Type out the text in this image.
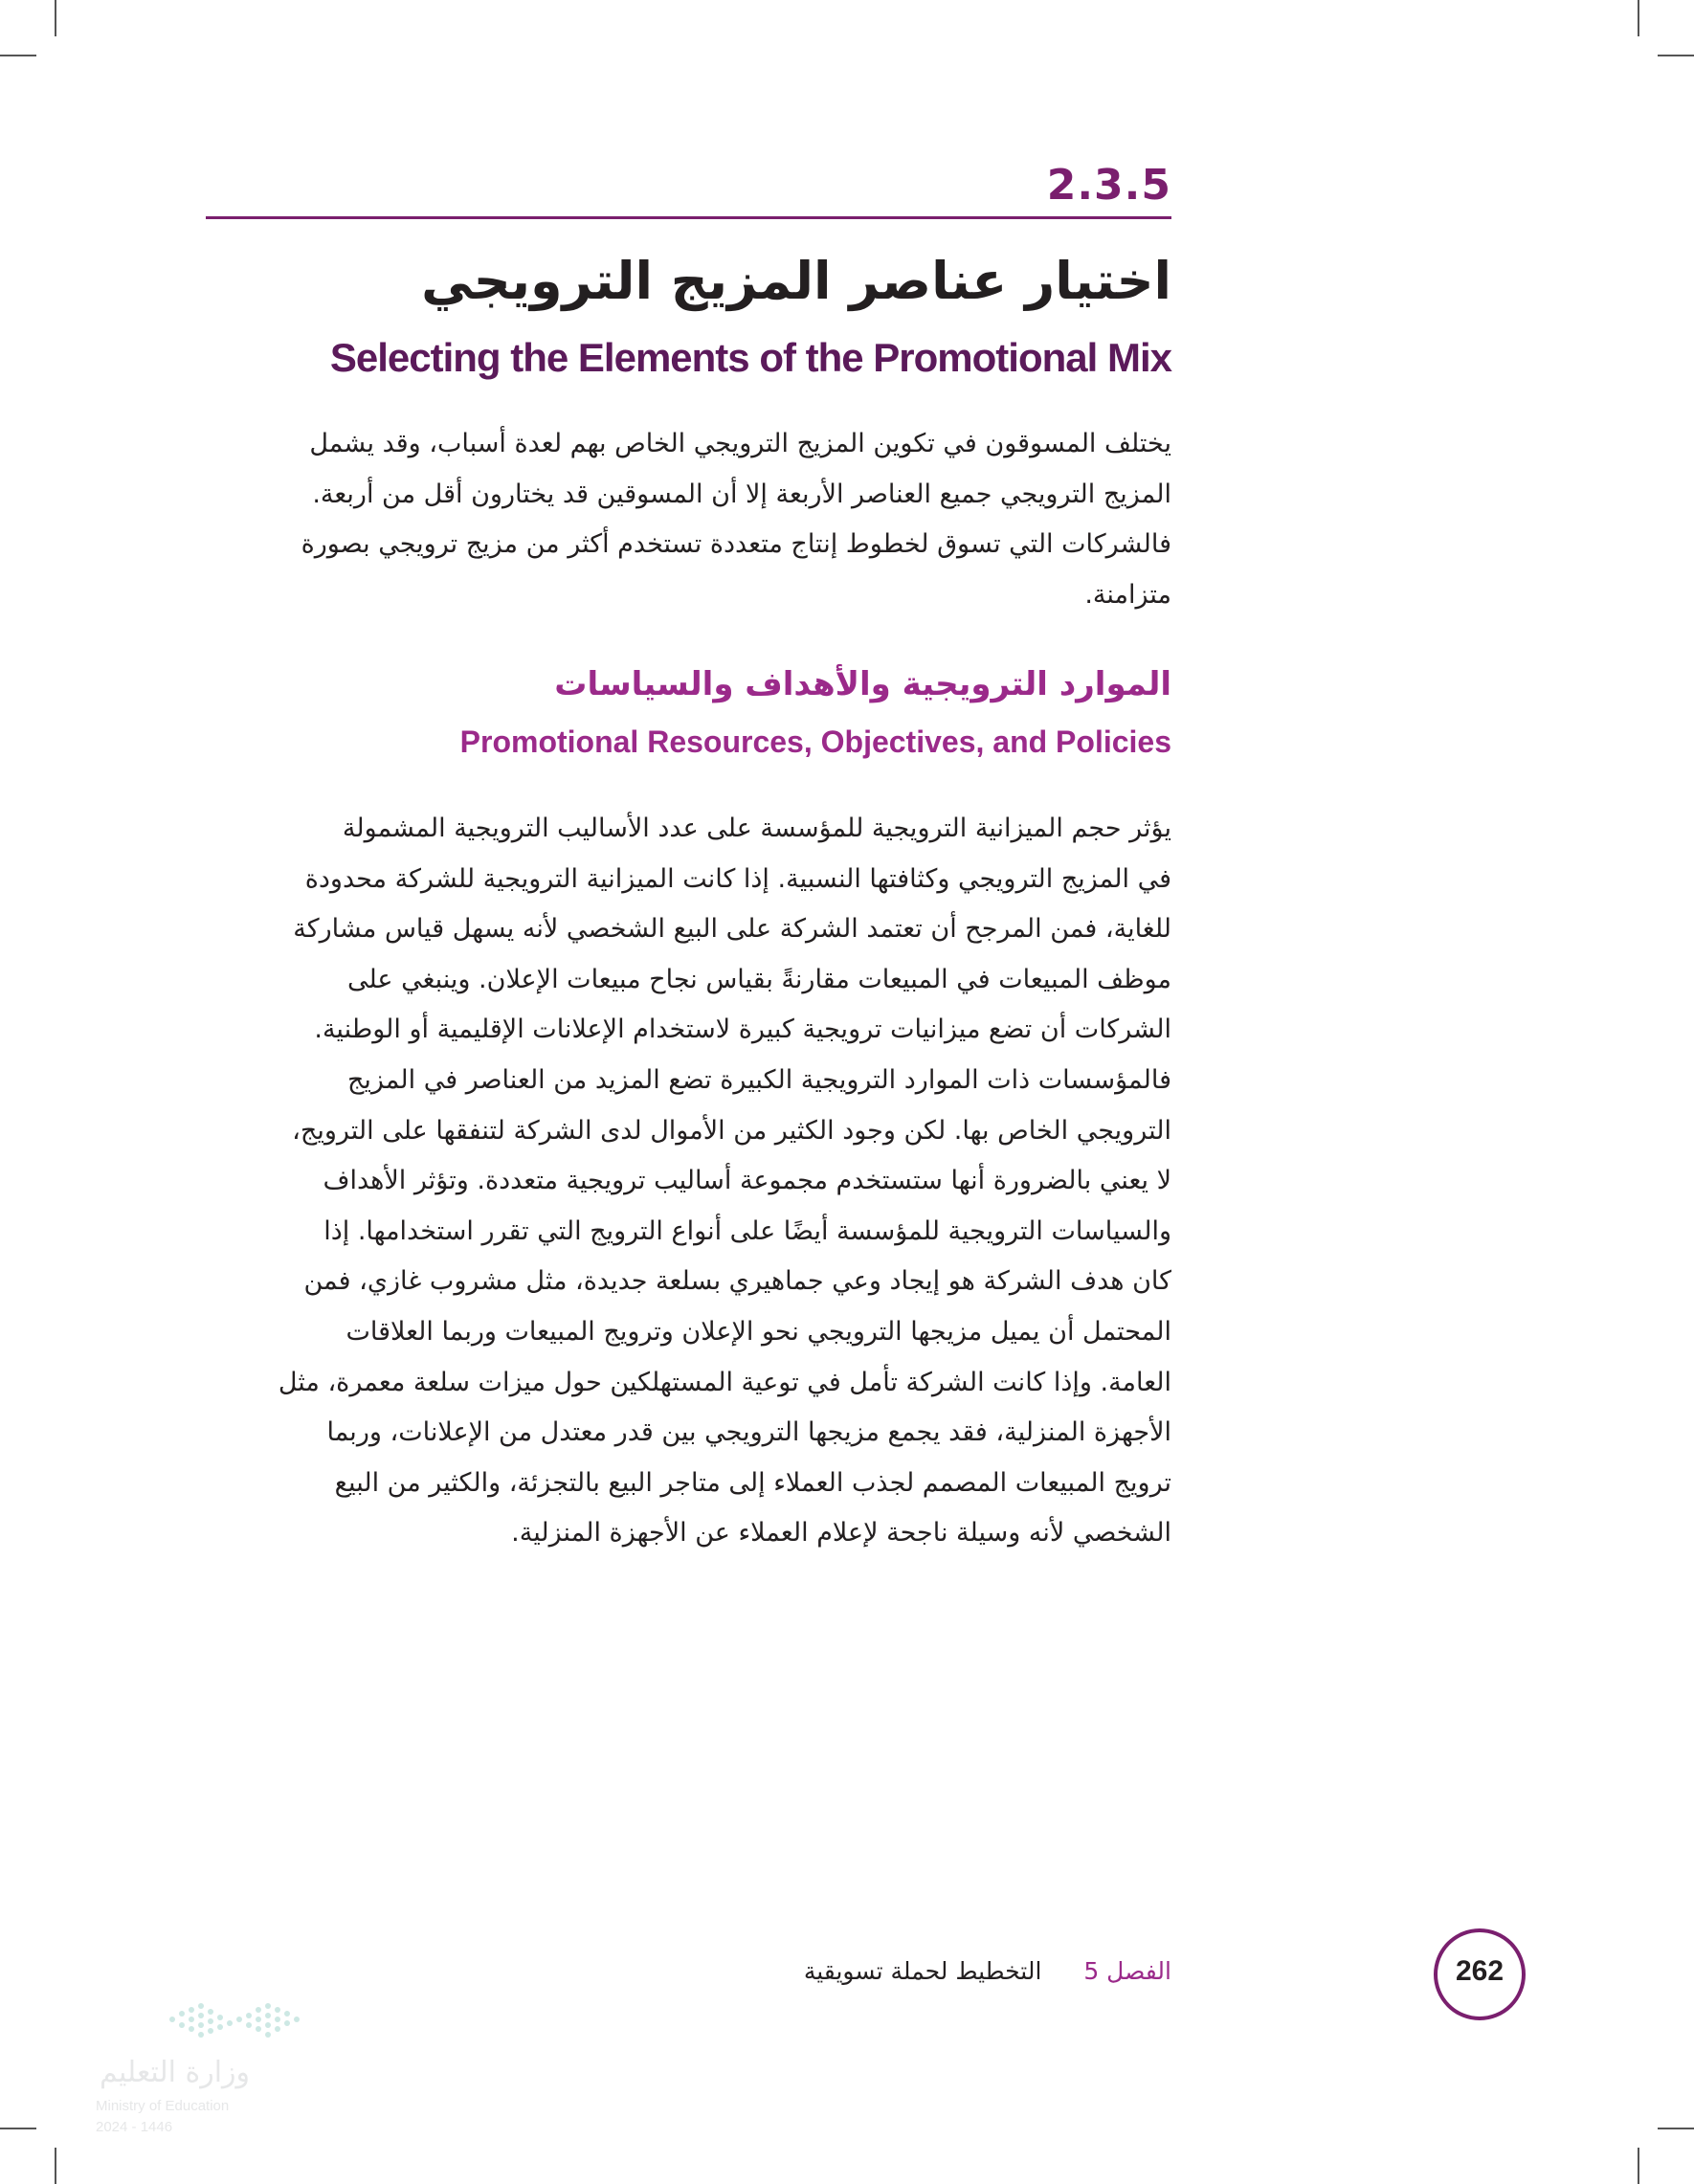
2.3.5
اختيار عناصر المزيج الترويجي
Selecting the Elements of the Promotional Mix
يختلف المسوقون في تكوين المزيج الترويجي الخاص بهم لعدة أسباب، وقد يشمل
المزيج الترويجي جميع العناصر الأربعة إلا أن المسوقين قد يختارون أقل من أربعة.
فالشركات التي تسوق لخطوط إنتاج متعددة تستخدم أكثر من مزيج ترويجي بصورة
متزامنة.
الموارد الترويجية والأهداف والسياسات
Promotional Resources, Objectives, and Policies
يؤثر حجم الميزانية الترويجية للمؤسسة على عدد الأساليب الترويجية المشمولة
في المزيج الترويجي وكثافتها النسبية. إذا كانت الميزانية الترويجية للشركة محدودة
للغاية، فمن المرجح أن تعتمد الشركة على البيع الشخصي لأنه يسهل قياس مشاركة
موظف المبيعات في المبيعات مقارنةً بقياس نجاح مبيعات الإعلان. وينبغي على
الشركات أن تضع ميزانيات ترويجية كبيرة لاستخدام الإعلانات الإقليمية أو الوطنية.
فالمؤسسات ذات الموارد الترويجية الكبيرة تضع المزيد من العناصر في المزيج
الترويجي الخاص بها. لكن وجود الكثير من الأموال لدى الشركة لتنفقها على الترويج،
لا يعني بالضرورة أنها ستستخدم مجموعة أساليب ترويجية متعددة. وتؤثر الأهداف
والسياسات الترويجية للمؤسسة أيضًا على أنواع الترويج التي تقرر استخدامها. إذا
كان هدف الشركة هو إيجاد وعي جماهيري بسلعة جديدة، مثل مشروب غازي، فمن
المحتمل أن يميل مزيجها الترويجي نحو الإعلان وترويج المبيعات وربما العلاقات
العامة. وإذا كانت الشركة تأمل في توعية المستهلكين حول ميزات سلعة معمرة، مثل
الأجهزة المنزلية، فقد يجمع مزيجها الترويجي بين قدر معتدل من الإعلانات، وربما
ترويج المبيعات المصمم لجذب العملاء إلى متاجر البيع بالتجزئة، والكثير من البيع
الشخصي لأنه وسيلة ناجحة لإعلام العملاء عن الأجهزة المنزلية.
الفصل 5  التخطيط لحملة تسويقية	262
وزارة التعليم
Ministry of Education
2024 - 1446
